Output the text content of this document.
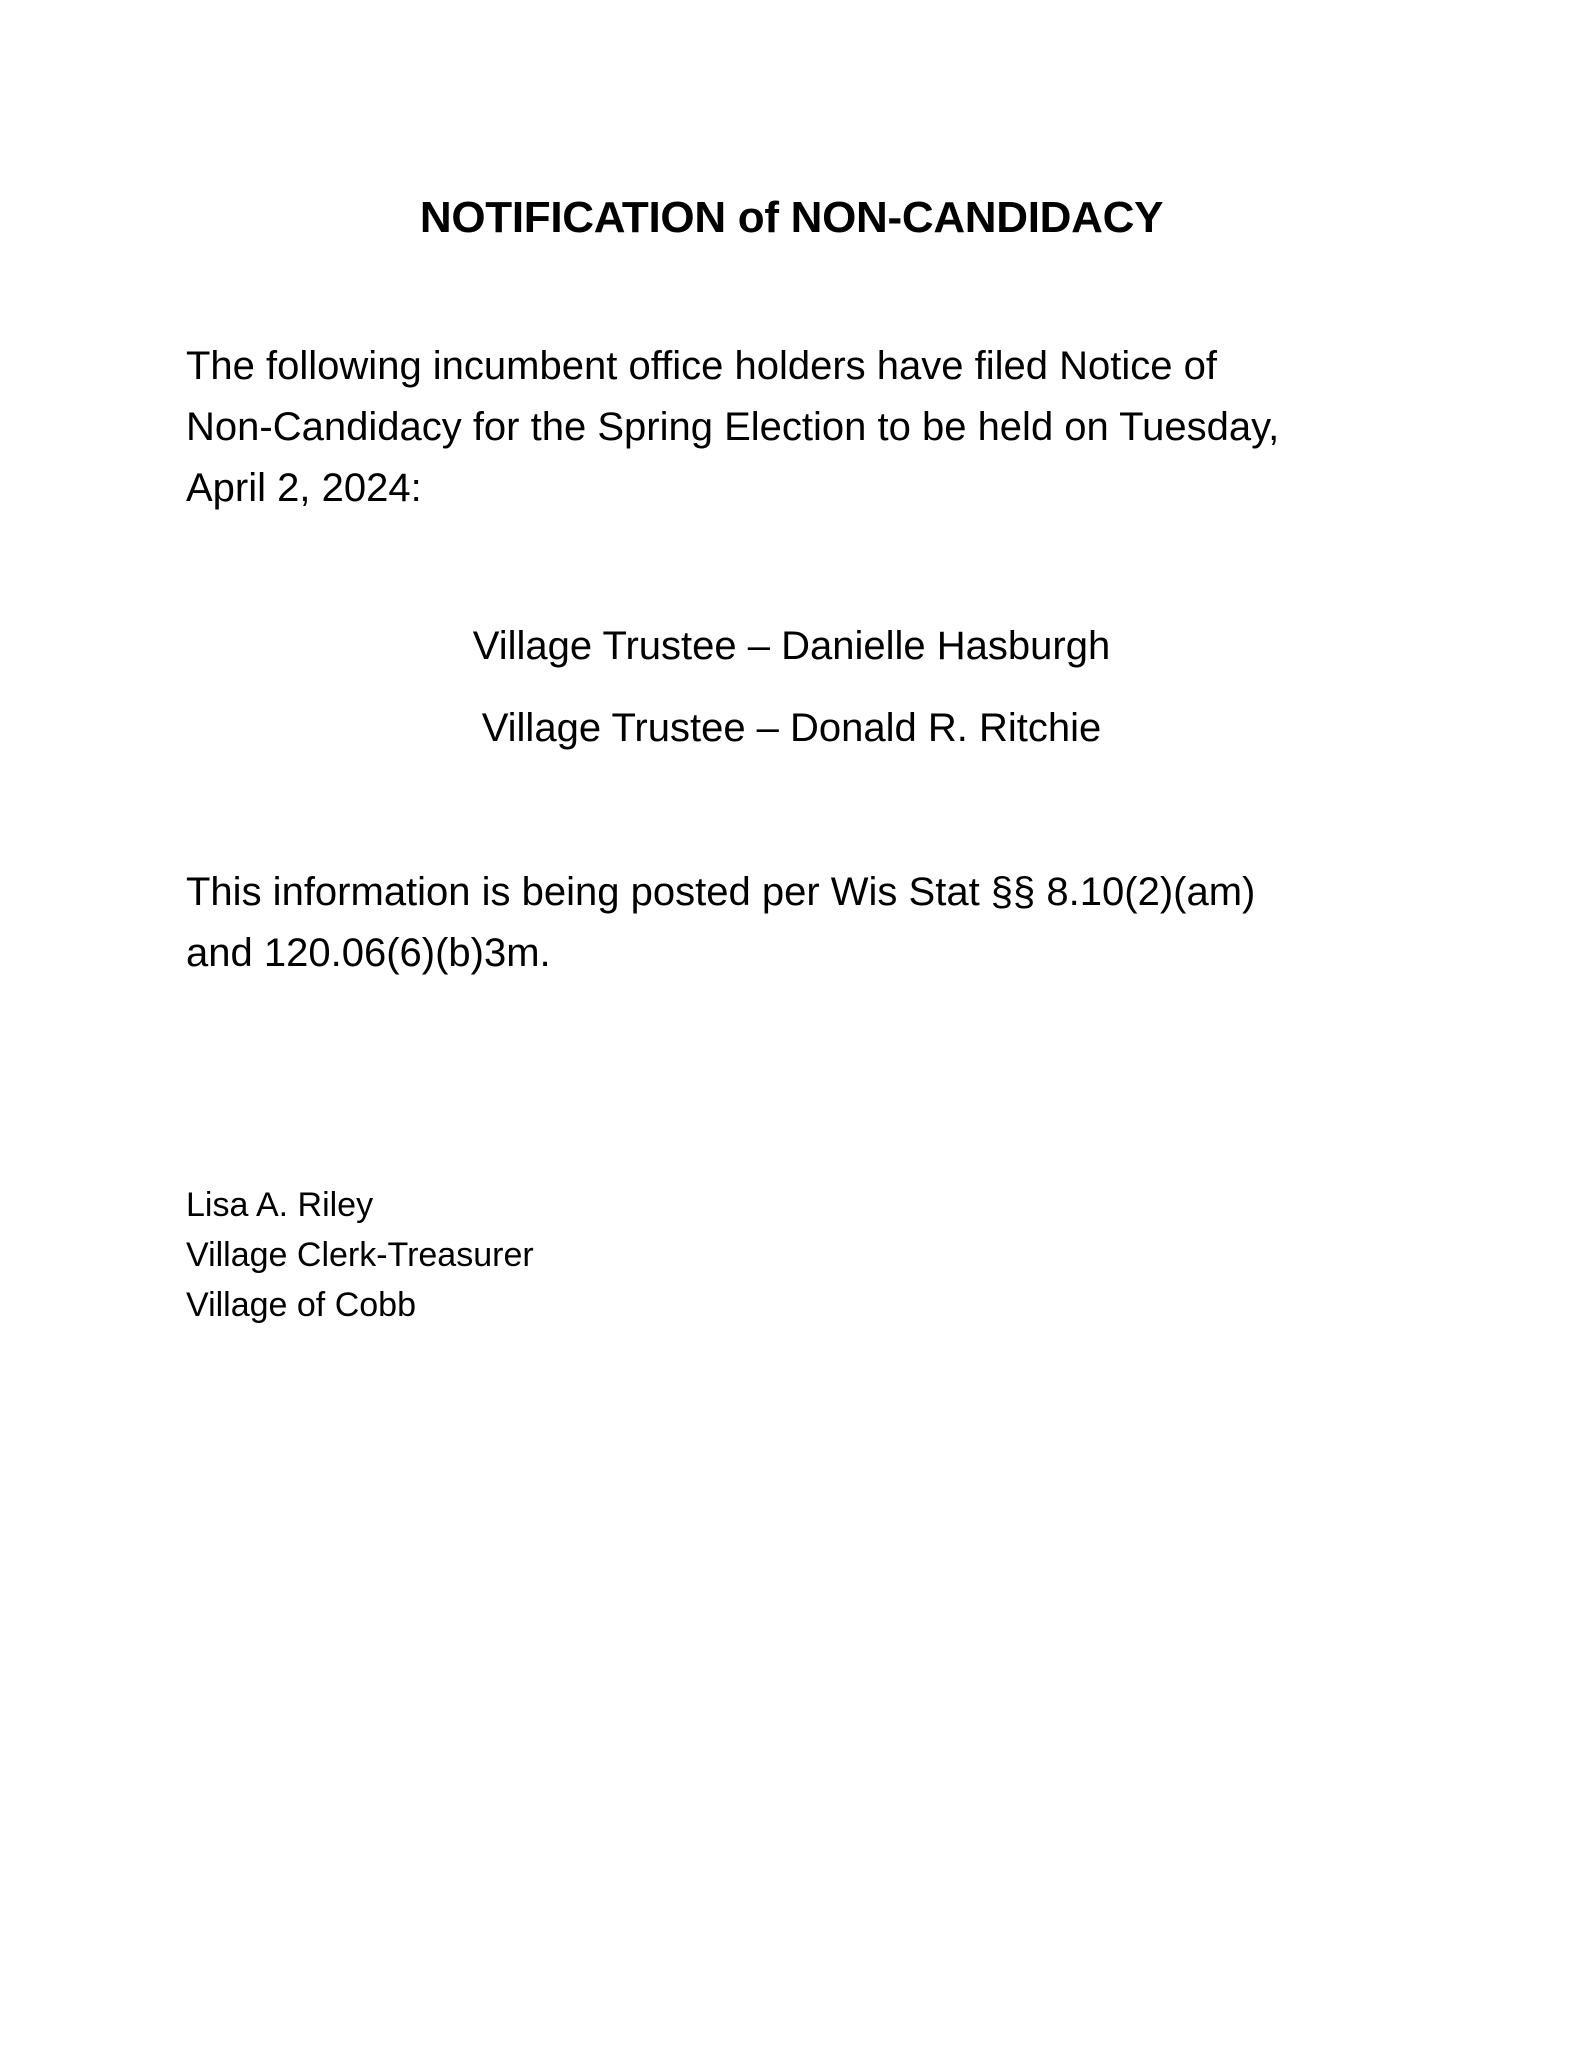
NOTIFICATION of NON-CANDIDACY
The following incumbent office holders have filed Notice of
Non-Candidacy for the Spring Election to be held on Tuesday,
April 2, 2024:
Village Trustee – Danielle Hasburgh
Village Trustee – Donald R. Ritchie
This information is being posted per Wis Stat §§ 8.10(2)(am)
and 120.06(6)(b)3m.
Lisa A. Riley
Village Clerk-Treasurer
Village of Cobb
